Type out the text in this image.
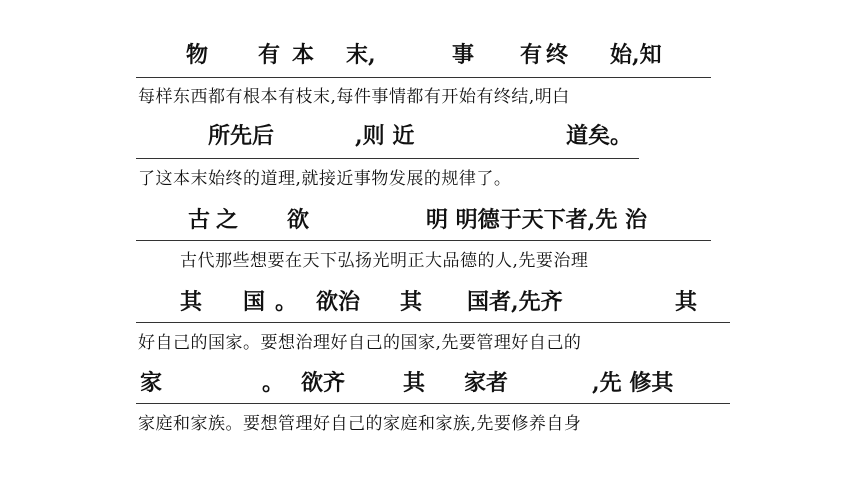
物 有本 末,	事 有终 始,知
每样东西都有根本有枝末,每件事情都有开始有终结,明白
所先后	,则 近	道矣。
了这本末始终的道理,就接近事物发展的规律了。
古之 欲	明 明德于天下者,先 治
古代那些想要在天下弘扬光明正大品德的人,先要治理
其 国 。 欲治 其 国者,先齐	其
好自己的国家。要想治理好自己的国家,先要管理好自己的
家	。 欲齐	其 家者	,先 修其
家庭和家族。要想管理好自己的家庭和家族,先要修养自身
